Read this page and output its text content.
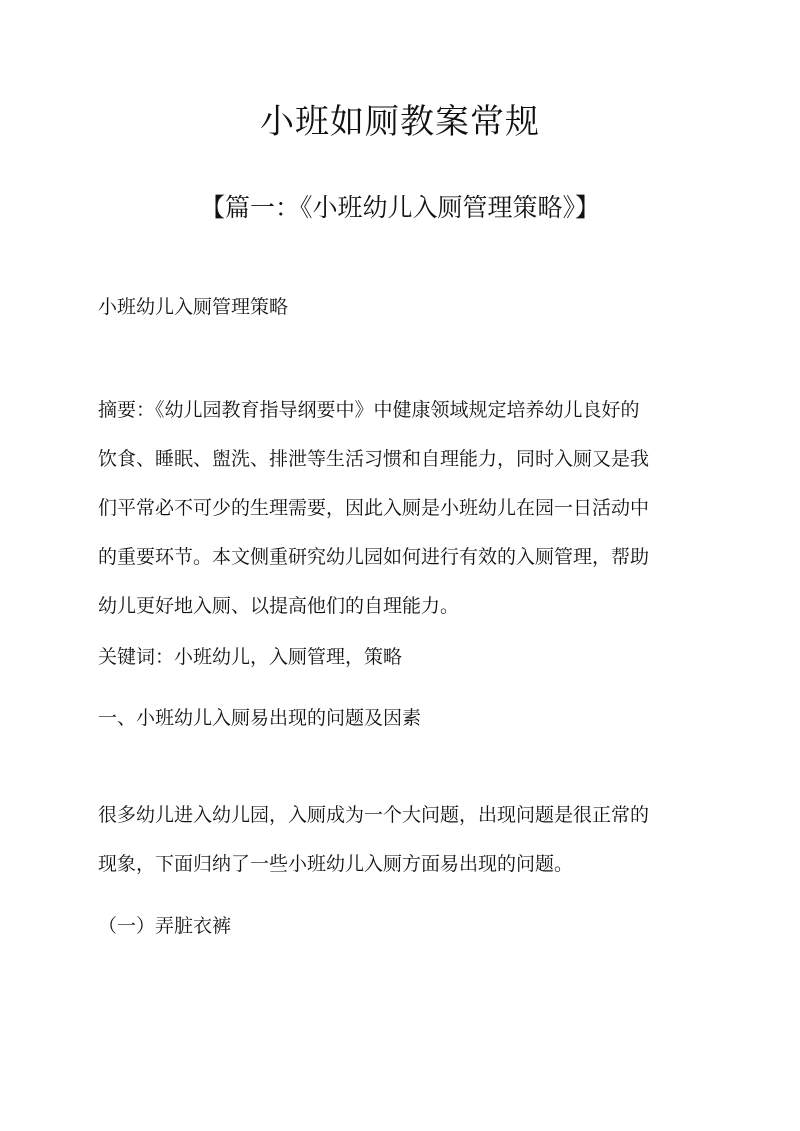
小班如厕教案常规
【篇一：《小班幼儿入厕管理策略》】
小班幼儿入厕管理策略

摘要：《幼儿园教育指导纲要中》中健康领域规定培养幼儿良好的

饮食、睡眠、盥洗、排泄等生活习惯和自理能力，同时入厕又是我

们平常必不可少的生理需要，因此入厕是小班幼儿在园一日活动中

的重要环节。本文侧重研究幼儿园如何进行有效的入厕管理，帮助

幼儿更好地入厕、以提高他们的自理能力。

关键词：小班幼儿，入厕管理，策略
一、小班幼儿入厕易出现的问题及因素

很多幼儿进入幼儿园，入厕成为一个大问题，出现问题是很正常的

现象，下面归纳了一些小班幼儿入厕方面易出现的问题。

（一）弄脏衣裤
